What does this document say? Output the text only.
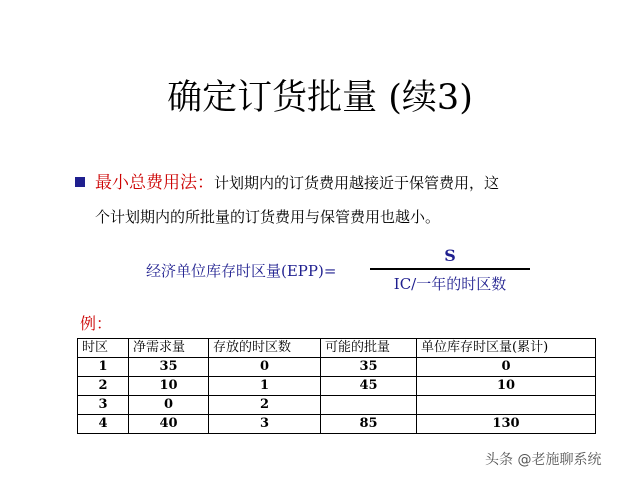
确定订货批量 (续3)
最小总费用法：计划期内的订货费用越接近于保管费用，这
个计划期内的所批量的订货费用与保管费用也越小。
经济单位库存时区量(EPP)=
S
IC/一年的时区数
例：
时区	净需求量	存放的时区数	可能的批量	单位库存时区量(累计)
1	35	0	35	0
2	10	1	45	10
3	0	2		
4	40	3	85	130
头条 @老施聊系统
